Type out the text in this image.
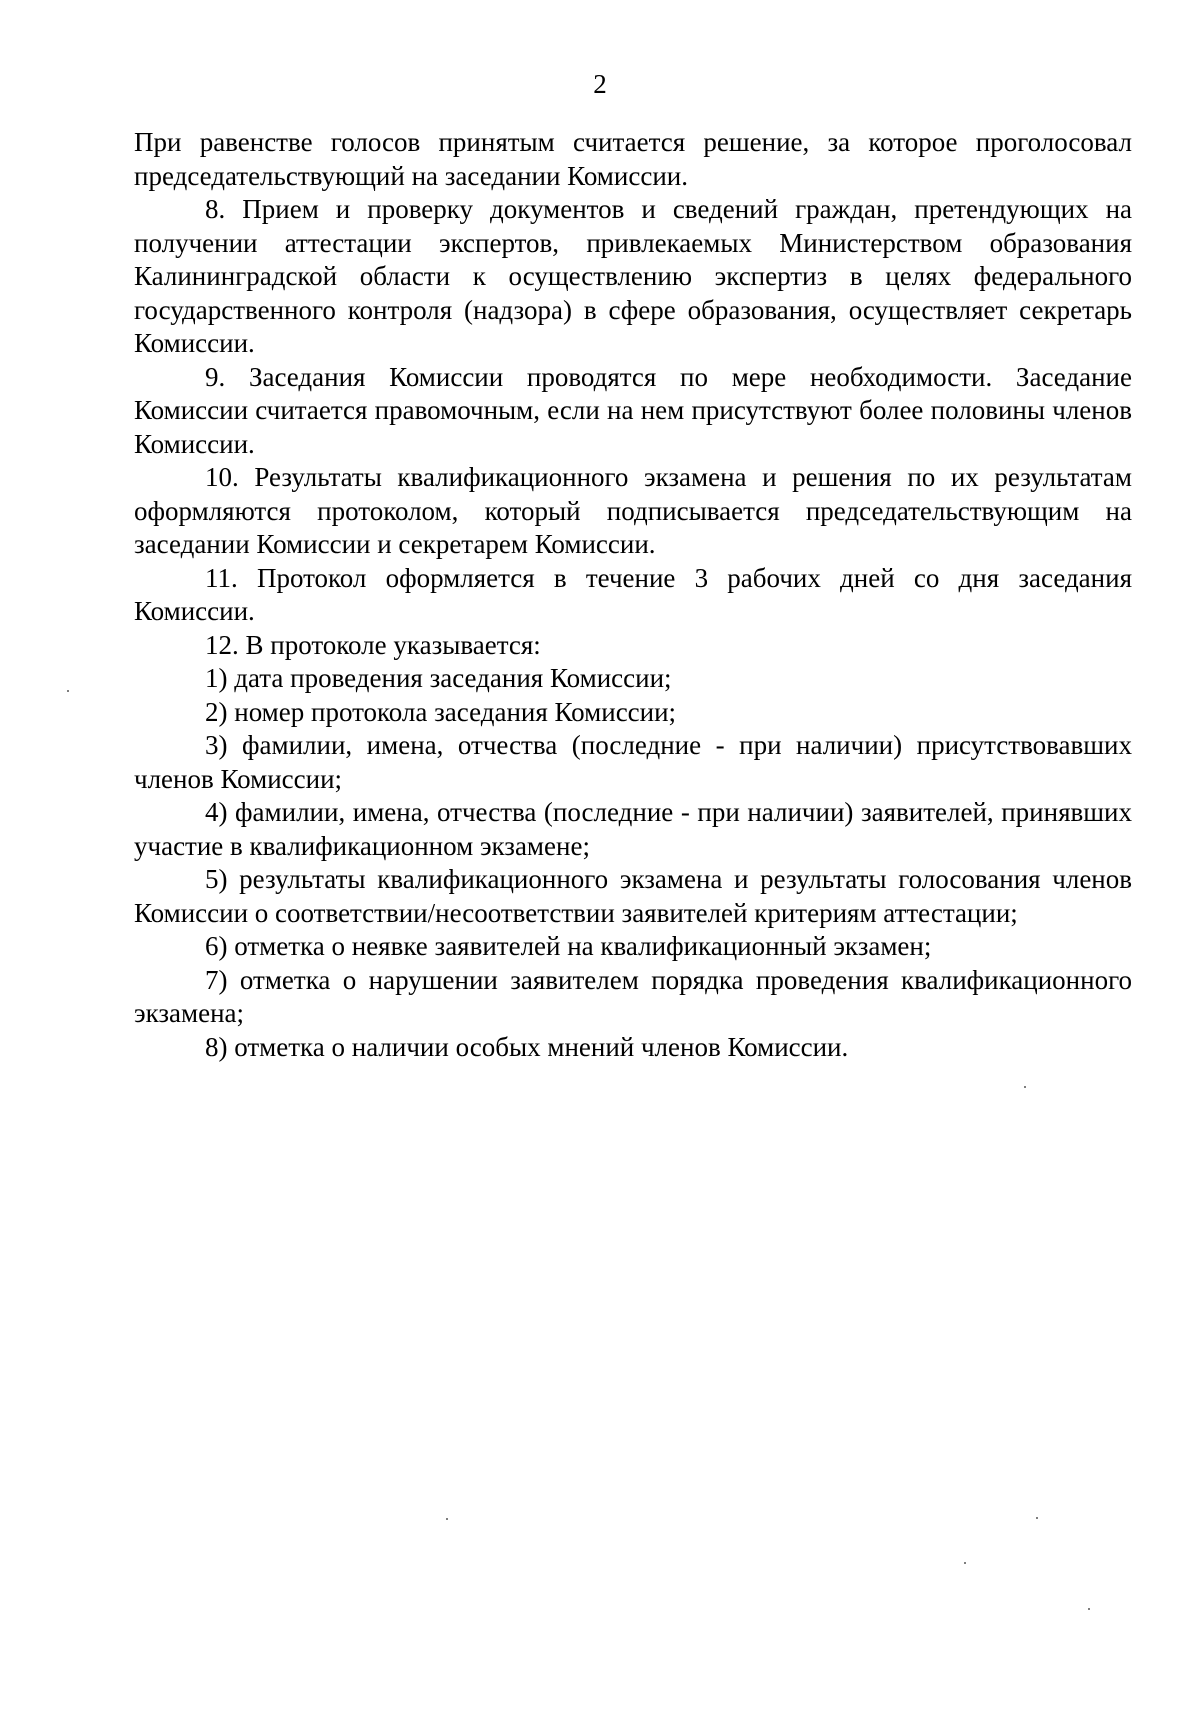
2

При равенстве голосов принятым считается решение, за которое проголосовал председательствующий на заседании Комиссии.

8. Прием и проверку документов и сведений граждан, претендующих на получении аттестации экспертов, привлекаемых Министерством образования Калининградской области к осуществлению экспертиз в целях федерального государственного контроля (надзора) в сфере образования, осуществляет секретарь Комиссии.

9. Заседания Комиссии проводятся по мере необходимости. Заседание Комиссии считается правомочным, если на нем присутствуют более половины членов Комиссии.

10. Результаты квалификационного экзамена и решения по их результатам оформляются протоколом, который подписывается председательствующим на заседании Комиссии и секретарем Комиссии.

11. Протокол оформляется в течение 3 рабочих дней со дня заседания Комиссии.

12. В протоколе указывается:

1) дата проведения заседания Комиссии;

2) номер протокола заседания Комиссии;

3) фамилии, имена, отчества (последние - при наличии) присутствовавших членов Комиссии;

4) фамилии, имена, отчества (последние - при наличии) заявителей, принявших участие в квалификационном экзамене;

5) результаты квалификационного экзамена и результаты голосования членов Комиссии о соответствии/несоответствии заявителей критериям аттестации;

6) отметка о неявке заявителей на квалификационный экзамен;

7) отметка о нарушении заявителем порядка проведения квалификационного экзамена;

8) отметка о наличии особых мнений членов Комиссии.
